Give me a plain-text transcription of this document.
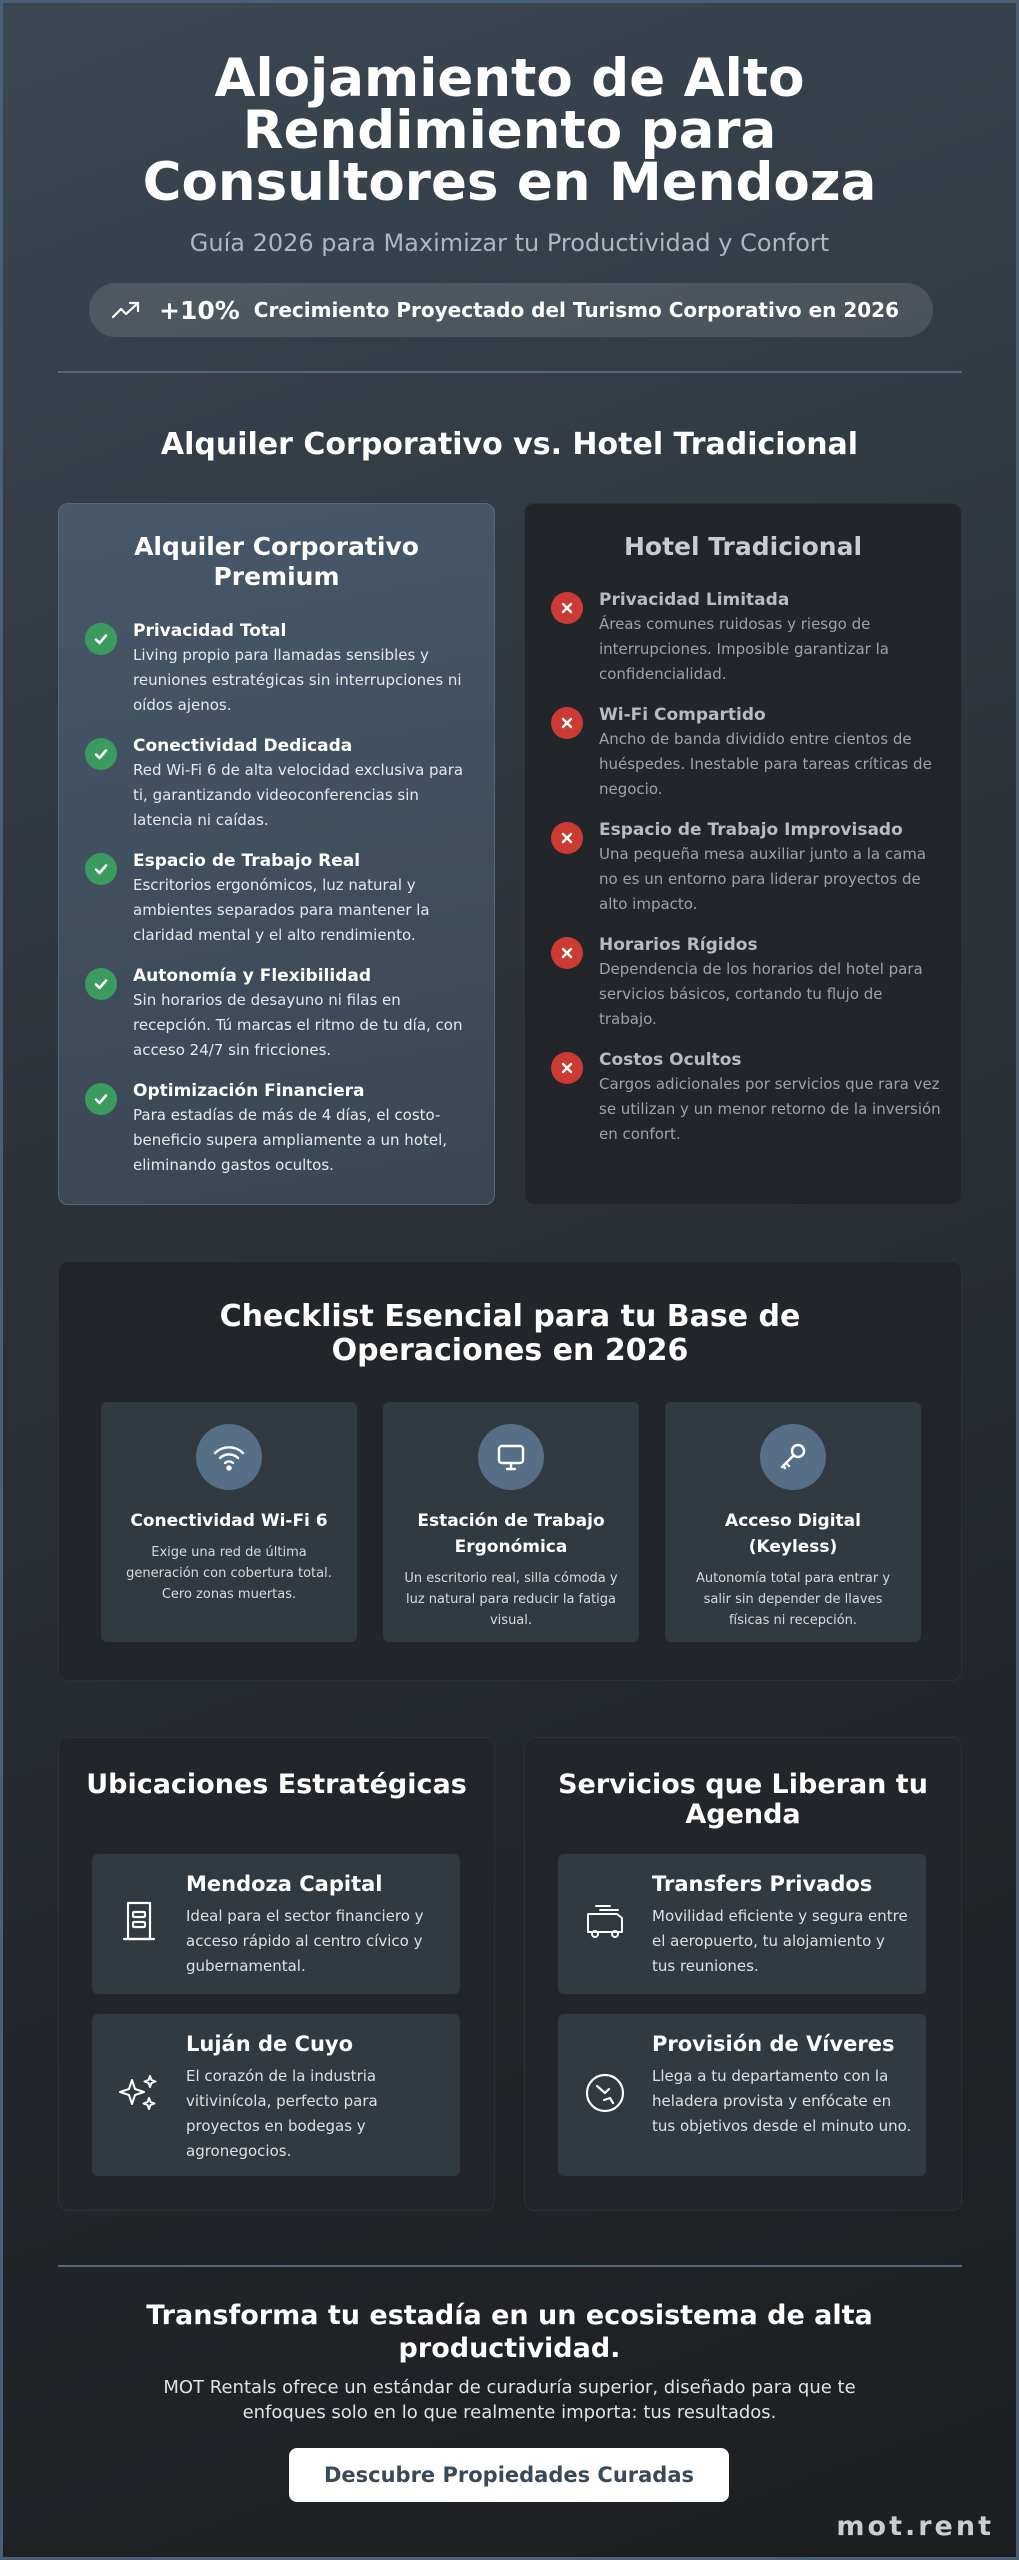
Alojamiento de Alto Rendimiento para Consultores en Mendoza
Guía 2026 para Maximizar tu Productividad y Confort
+10% Crecimiento Proyectado del Turismo Corporativo en 2026
Alquiler Corporativo vs. Hotel Tradicional
Alquiler Corporativo Premium
Privacidad Total
Living propio para llamadas sensibles y reuniones estratégicas sin interrupciones ni oídos ajenos.
Conectividad Dedicada
Red Wi-Fi 6 de alta velocidad exclusiva para ti, garantizando videoconferencias sin latencia ni caídas.
Espacio de Trabajo Real
Escritorios ergonómicos, luz natural y ambientes separados para mantener la claridad mental y el alto rendimiento.
Autonomía y Flexibilidad
Sin horarios de desayuno ni filas en recepción. Tú marcas el ritmo de tu día, con acceso 24/7 sin fricciones.
Optimización Financiera
Para estadías de más de 4 días, el costo-beneficio supera ampliamente a un hotel, eliminando gastos ocultos.
Hotel Tradicional
Privacidad Limitada
Áreas comunes ruidosas y riesgo de interrupciones. Imposible garantizar la confidencialidad.
Wi-Fi Compartido
Ancho de banda dividido entre cientos de huéspedes. Inestable para tareas críticas de negocio.
Espacio de Trabajo Improvisado
Una pequeña mesa auxiliar junto a la cama no es un entorno para liderar proyectos de alto impacto.
Horarios Rígidos
Dependencia de los horarios del hotel para servicios básicos, cortando tu flujo de trabajo.
Costos Ocultos
Cargos adicionales por servicios que rara vez se utilizan y un menor retorno de la inversión en confort.
Checklist Esencial para tu Base de Operaciones en 2026
Conectividad Wi-Fi 6
Exige una red de última generación con cobertura total. Cero zonas muertas.
Estación de Trabajo Ergonómica
Un escritorio real, silla cómoda y luz natural para reducir la fatiga visual.
Acceso Digital (Keyless)
Autonomía total para entrar y salir sin depender de llaves físicas ni recepción.
Ubicaciones Estratégicas
Mendoza Capital
Ideal para el sector financiero y acceso rápido al centro cívico y gubernamental.
Luján de Cuyo
El corazón de la industria vitivinícola, perfecto para proyectos en bodegas y agronegocios.
Servicios que Liberan tu Agenda
Transfers Privados
Movilidad eficiente y segura entre el aeropuerto, tu alojamiento y tus reuniones.
Provisión de Víveres
Llega a tu departamento con la heladera provista y enfócate en tus objetivos desde el minuto uno.
Transforma tu estadía en un ecosistema de alta productividad.
MOT Rentals ofrece un estándar de curaduría superior, diseñado para que te enfoques solo en lo que realmente importa: tus resultados.
Descubre Propiedades Curadas
mot.rent
